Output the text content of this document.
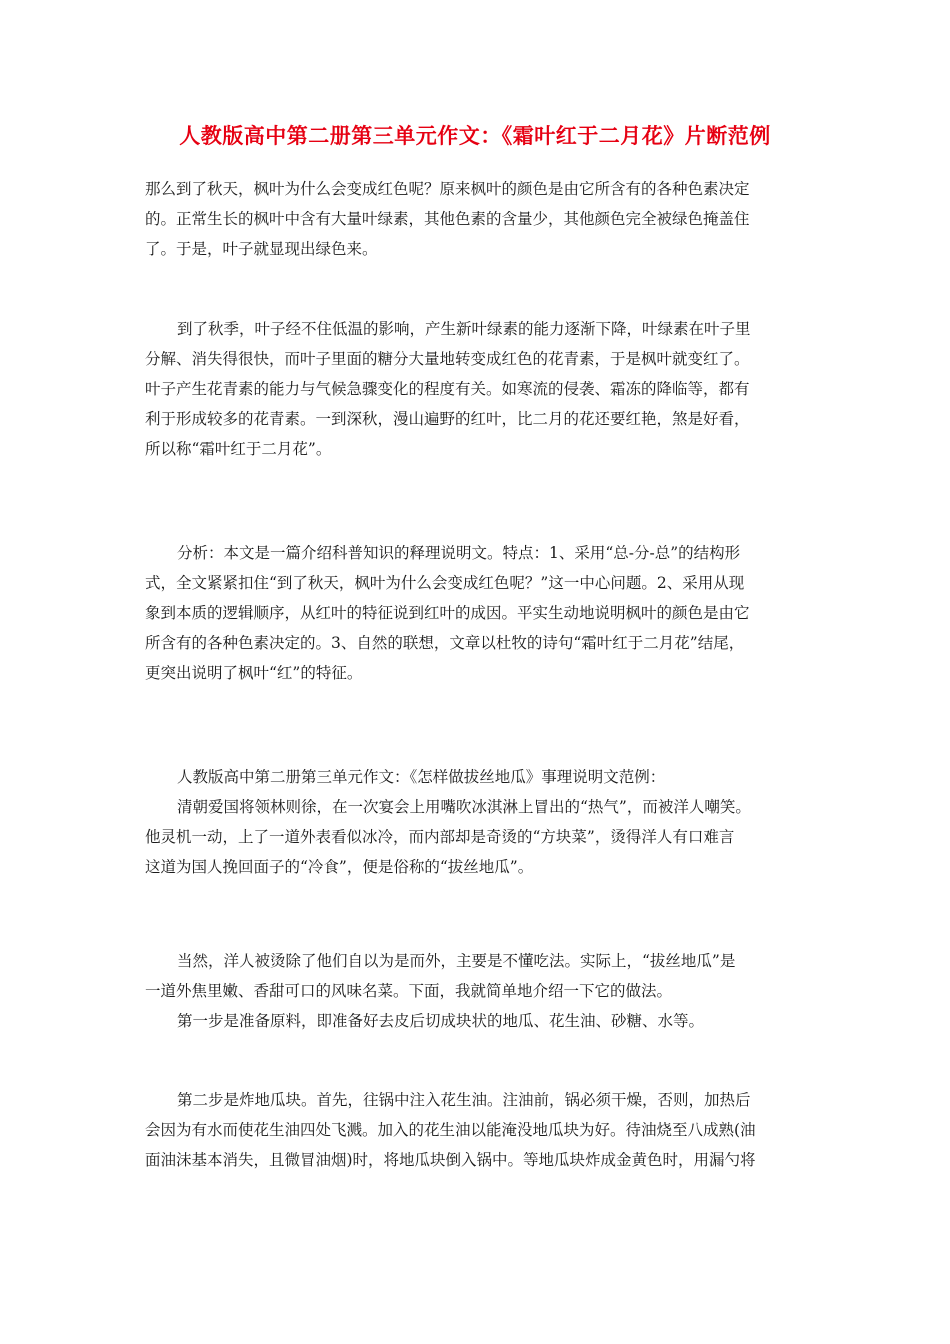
人教版高中第二册第三单元作文：《霜叶红于二月花》片断范例

那么到了秋天，枫叶为什么会变成红色呢？原来枫叶的颜色是由它所含有的各种色素决定
的。正常生长的枫叶中含有大量叶绿素，其他色素的含量少，其他颜色完全被绿色掩盖住
了。于是，叶子就显现出绿色来。

到了秋季，叶子经不住低温的影响，产生新叶绿素的能力逐渐下降，叶绿素在叶子里
分解、消失得很快，而叶子里面的糖分大量地转变成红色的花青素，于是枫叶就变红了。
叶子产生花青素的能力与气候急骤变化的程度有关。如寒流的侵袭、霜冻的降临等，都有
利于形成较多的花青素。一到深秋，漫山遍野的红叶，比二月的花还要红艳，煞是好看，
所以称“霜叶红于二月花”。

分析：本文是一篇介绍科普知识的释理说明文。特点：1、采用“总-分-总”的结构形
式，全文紧紧扣住“到了秋天，枫叶为什么会变成红色呢？”这一中心问题。2、采用从现
象到本质的逻辑顺序，从红叶的特征说到红叶的成因。平实生动地说明枫叶的颜色是由它
所含有的各种色素决定的。3、自然的联想，文章以杜牧的诗句“霜叶红于二月花”结尾，
更突出说明了枫叶“红”的特征。

人教版高中第二册第三单元作文：《怎样做拔丝地瓜》事理说明文范例：
清朝爱国将领林则徐，在一次宴会上用嘴吹冰淇淋上冒出的“热气”，而被洋人嘲笑。
他灵机一动，上了一道外表看似冰冷，而内部却是奇烫的“方块菜”，烫得洋人有口难言
这道为国人挽回面子的“冷食”，便是俗称的“拔丝地瓜”。

当然，洋人被烫除了他们自以为是而外，主要是不懂吃法。实际上，“拔丝地瓜”是
一道外焦里嫩、香甜可口的风味名菜。下面，我就简单地介绍一下它的做法。
第一步是准备原料，即准备好去皮后切成块状的地瓜、花生油、砂糖、水等。

第二步是炸地瓜块。首先，往锅中注入花生油。注油前，锅必须干燥，否则，加热后
会因为有水而使花生油四处飞溅。加入的花生油以能淹没地瓜块为好。待油烧至八成熟(油
面油沫基本消失，且微冒油烟)时，将地瓜块倒入锅中。等地瓜块炸成金黄色时，用漏勺将
